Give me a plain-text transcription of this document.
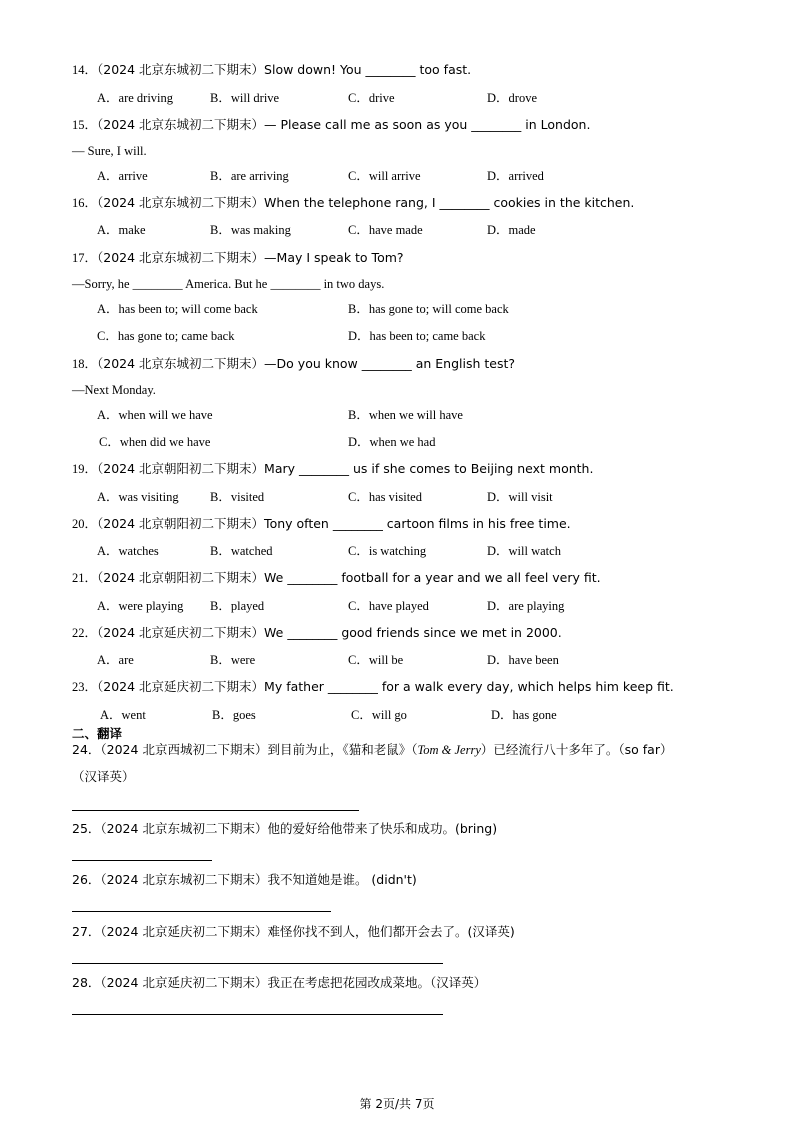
14．（2024 北京东城初二下期末）Slow down! You ________ too fast.
A．are driving	B．will drive	C．drive	D．drove
15．（2024 北京东城初二下期末）— Please call me as soon as you ________ in London.
— Sure, I will.
A．arrive	B．are arriving	C．will arrive	D．arrived
16．（2024 北京东城初二下期末）When the telephone rang, I ________ cookies in the kitchen.
A．make	B．was making	C．have made	D．made
17．（2024 北京东城初二下期末）—May I speak to Tom?
—Sorry, he ________ America. But he ________ in two days.
A．has been to; will come back	B．has gone to; will come back
C．has gone to; came back	D．has been to; came back
18．（2024 北京东城初二下期末）—Do you know ________ an English test?
—Next Monday.
A．when will we have	B．when we will have
C．when did we have	D．when we had
19．（2024 北京朝阳初二下期末）Mary ________ us if she comes to Beijing next month.
A．was visiting	B．visited	C．has visited	D．will visit
20．（2024 北京朝阳初二下期末）Tony often ________ cartoon films in his free time.
A．watches	B．watched	C．is watching	D．will watch
21．（2024 北京朝阳初二下期末）We ________ football for a year and we all feel very fit.
A．were playing B．played	C．have played	D．are playing
22．（2024 北京延庆初二下期末）We ________ good friends since we met in 2000.
A．are	B．were	C．will be	D．have been
23．（2024 北京延庆初二下期末）My father ________ for a walk every day, which helps him keep fit.
A．went	B．goes	C．will go	D．has gone
二、翻译
24．（2024 北京西城初二下期末）到目前为止，《猫和老鼠》（Tom & Jerry）已经流行八十多年了。（so far）
（汉译英）
25．（2024 北京东城初二下期末）他的爱好给他带来了快乐和成功。(bring)
26．（2024 北京东城初二下期末）我不知道她是谁。 (didn't)
27．（2024 北京延庆初二下期末）难怪你找不到人，他们都开会去了。(汉译英)
28．（2024 北京延庆初二下期末）我正在考虑把花园改成菜地。（汉译英）
第 2页/共 7页
